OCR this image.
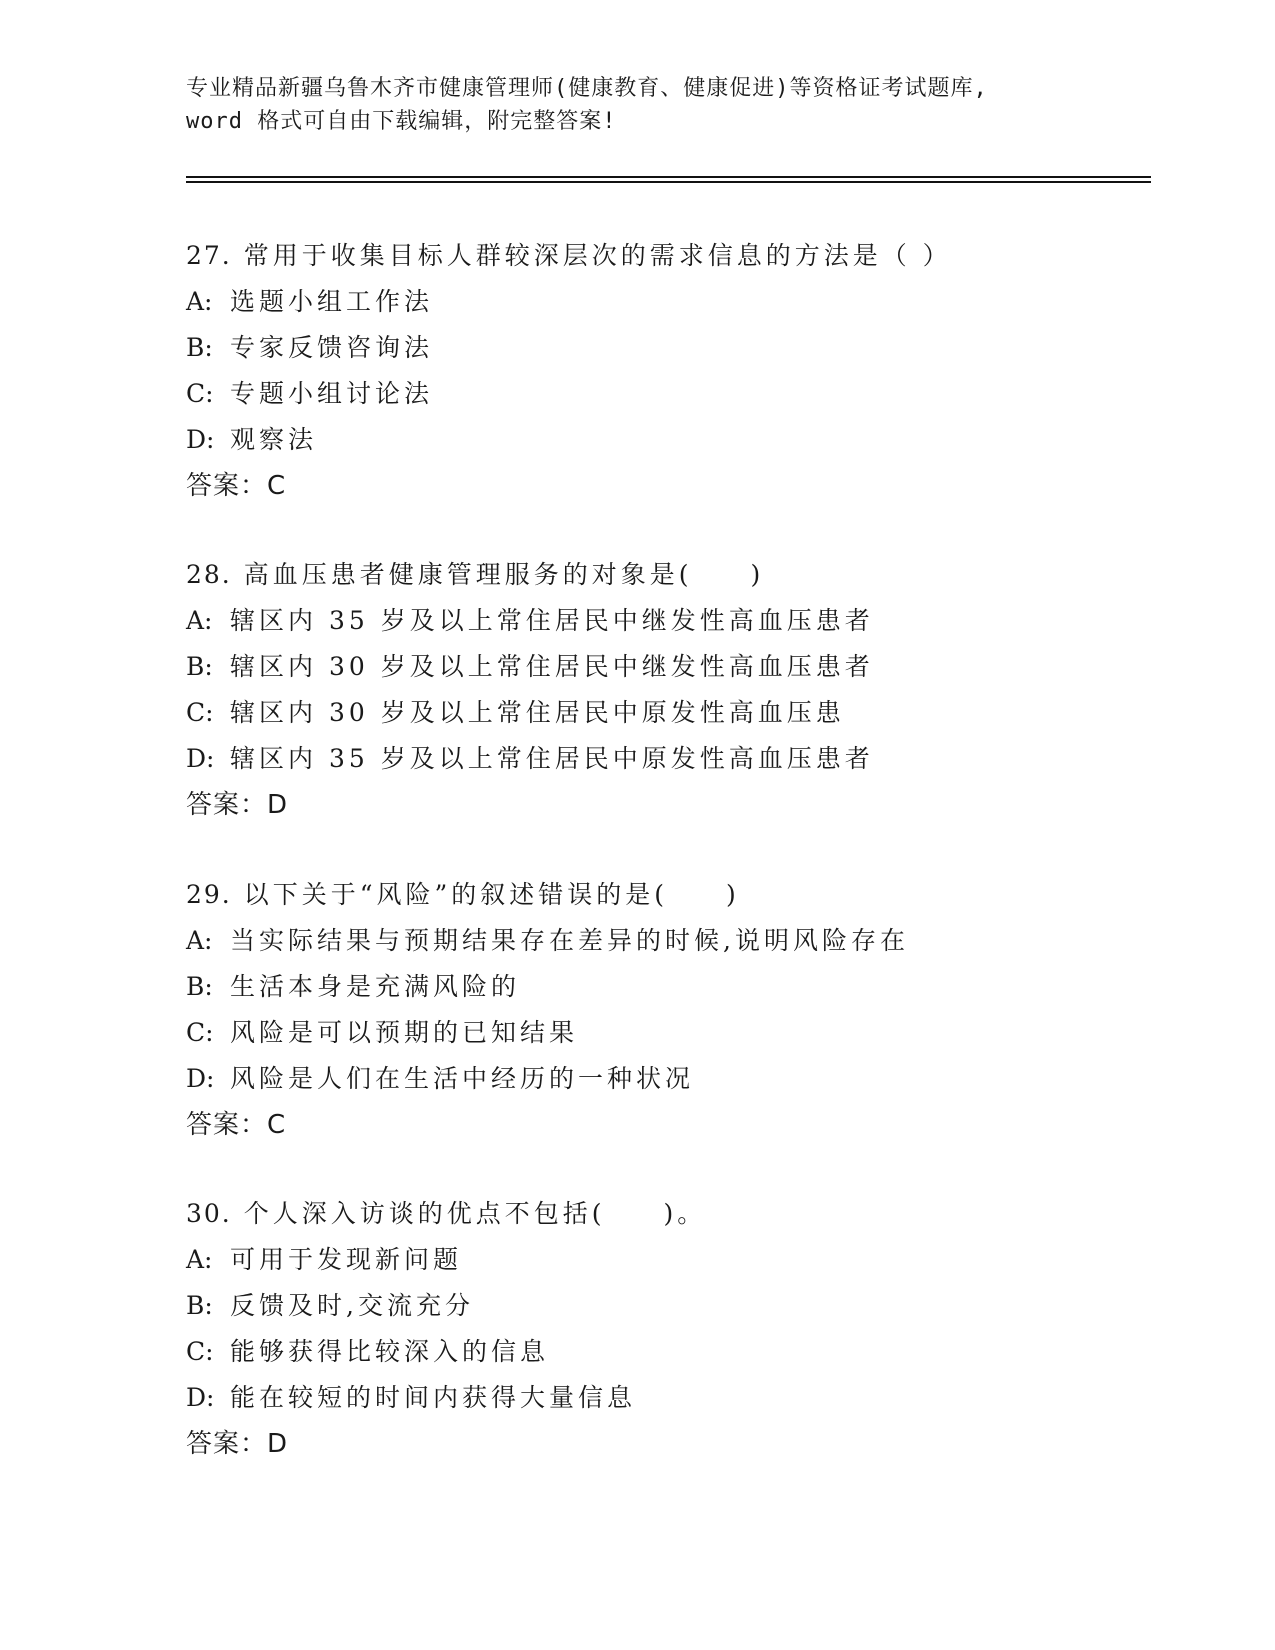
专业精品新疆乌鲁木齐市健康管理师(健康教育、健康促进)等资格证考试题库,

word 格式可自由下载编辑，附完整答案!

27. 常用于收集目标人群较深层次的需求信息的方法是（ ）
A: 选题小组工作法
B: 专家反馈咨询法
C: 专题小组讨论法
D: 观察法
答案：C
28. 高血压患者健康管理服务的对象是(　　)
A: 辖区内 35 岁及以上常住居民中继发性高血压患者
B: 辖区内 30 岁及以上常住居民中继发性高血压患者
C: 辖区内 30 岁及以上常住居民中原发性高血压患
D: 辖区内 35 岁及以上常住居民中原发性高血压患者
答案：D
29. 以下关于“风险”的叙述错误的是(　　)
A: 当实际结果与预期结果存在差异的时候,说明风险存在
B: 生活本身是充满风险的
C: 风险是可以预期的已知结果
D: 风险是人们在生活中经历的一种状况
答案：C
30. 个人深入访谈的优点不包括(　　)。
A: 可用于发现新问题
B: 反馈及时,交流充分
C: 能够获得比较深入的信息
D: 能在较短的时间内获得大量信息
答案：D
